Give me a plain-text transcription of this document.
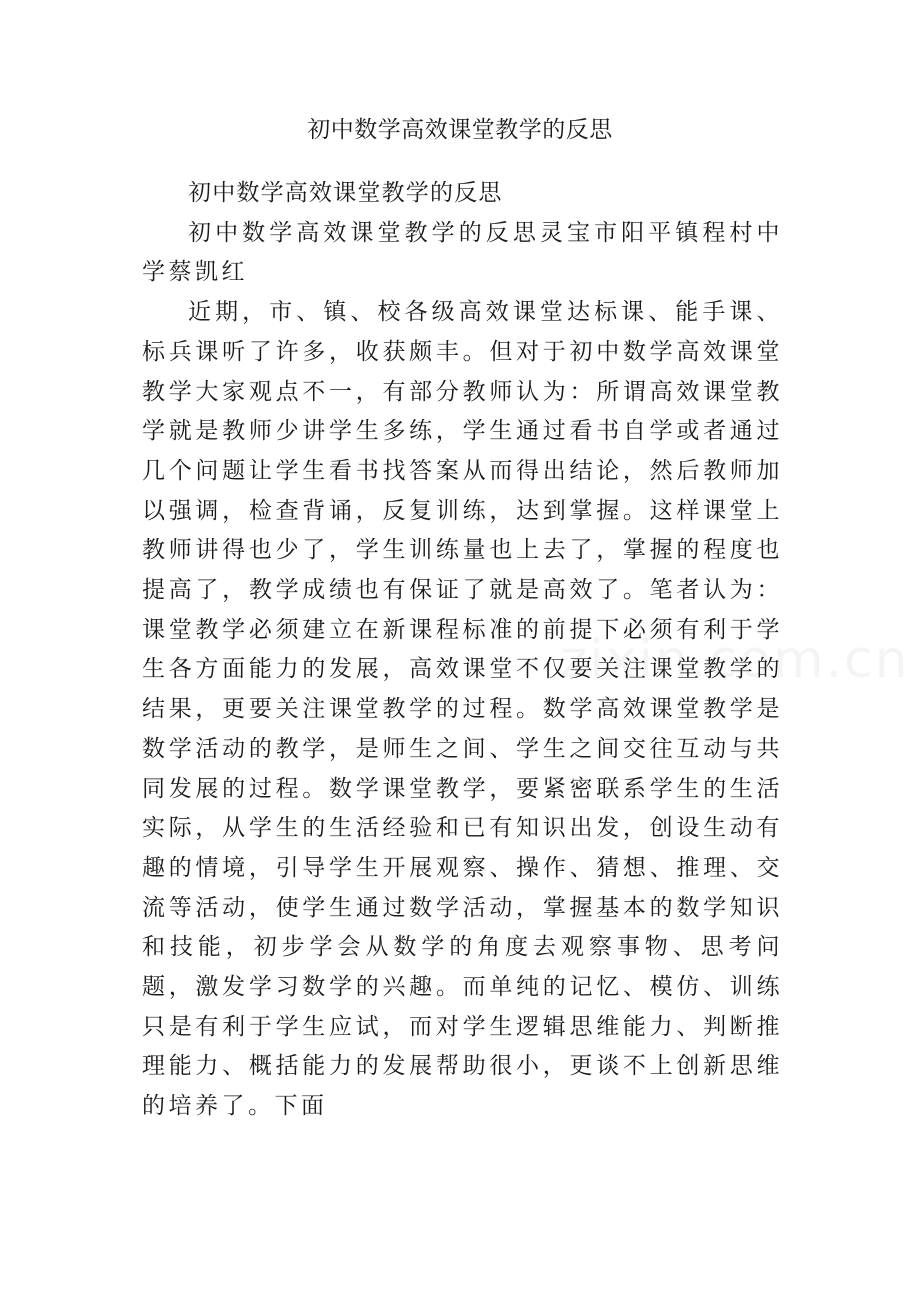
初中数学高效课堂教学的反思

初中数学高效课堂教学的反思

初中数学高效课堂教学的反思灵宝市阳平镇程村中学蔡凯红

近期，市、镇、校各级高效课堂达标课、能手课、标兵课听了许多，收获颇丰。但对于初中数学高效课堂教学大家观点不一，有部分教师认为：所谓高效课堂教学就是教师少讲学生多练，学生通过看书自学或者通过几个问题让学生看书找答案从而得出结论，然后教师加以强调，检查背诵，反复训练，达到掌握。这样课堂上教师讲得也少了，学生训练量也上去了，掌握的程度也提高了，教学成绩也有保证了就是高效了。笔者认为：课堂教学必须建立在新课程标准的前提下必须有利于学生各方面能力的发展，高效课堂不仅要关注课堂教学的结果，更要关注课堂教学的过程。数学高效课堂教学是数学活动的教学，是师生之间、学生之间交往互动与共同发展的过程。数学课堂教学，要紧密联系学生的生活实际，从学生的生活经验和已有知识出发，创设生动有趣的情境，引导学生开展观察、操作、猜想、推理、交流等活动，使学生通过数学活动，掌握基本的数学知识和技能，初步学会从数学的角度去观察事物、思考问题，激发学习数学的兴趣。而单纯的记忆、模仿、训练只是有利于学生应试，而对学生逻辑思维能力、判断推理能力、概括能力的发展帮助很小，更谈不上创新思维的培养了。下面
